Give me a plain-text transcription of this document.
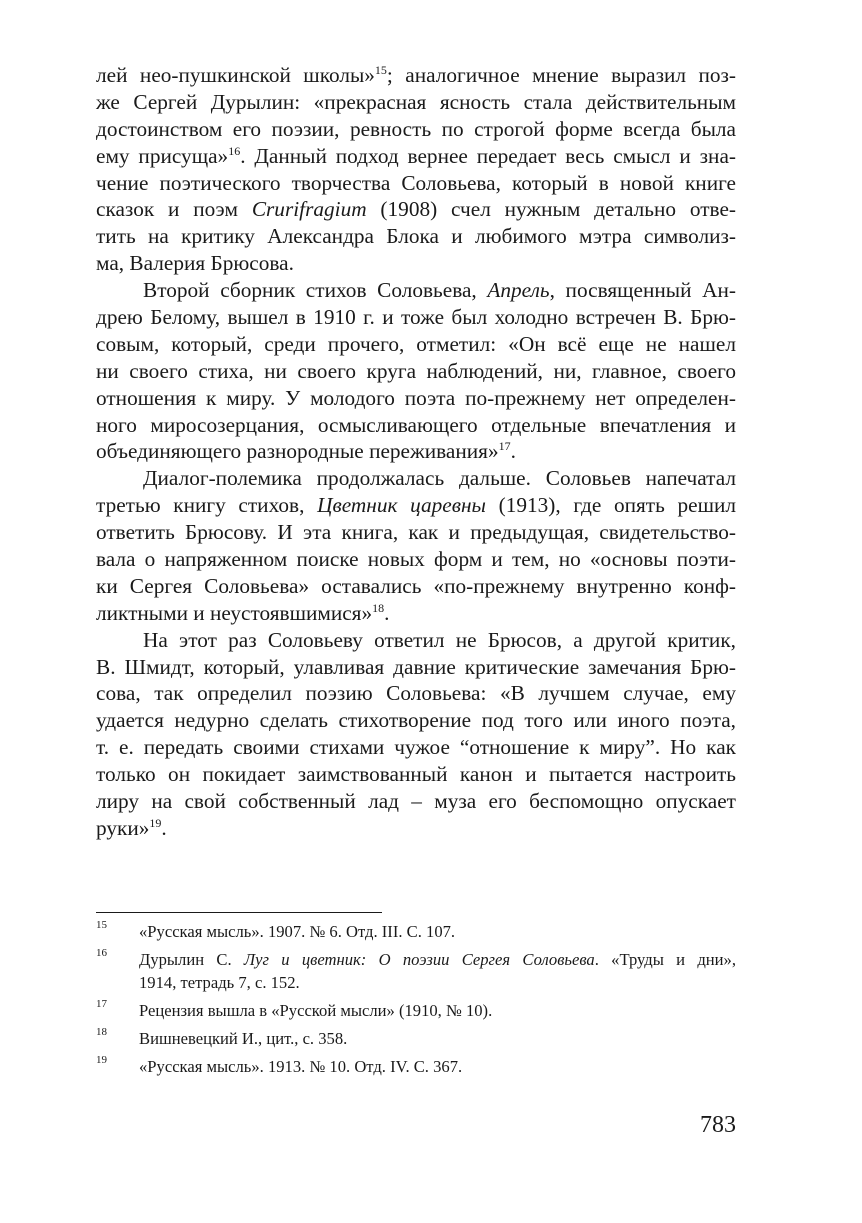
лей нео-пушкинской школы»$^{15}$; аналогичное мнение выразил поз-
же Сергей Дурылин: «прекрасная ясность стала действительным
достоинством его поэзии, ревность по строгой форме всегда была
ему присуща»$^{16}$. Данный подход вернее передает весь смысл и зна-
чение поэтического творчества Соловьева, который в новой книге
сказок и поэм Crurifragium (1908) счел нужным детально отве-
тить на критику Александра Блока и любимого мэтра символиз-
ма, Валерия Брюсова.
Второй сборник стихов Соловьева, Апрель, посвященный Ан-
дрею Белому, вышел в 1910 г. и тоже был холодно встречен В. Брю-
совым, который, среди прочего, отметил: «Он всё еще не нашел
ни своего стиха, ни своего круга наблюдений, ни, главное, своего
отношения к миру. У молодого поэта по-прежнему нет определен-
ного миросозерцания, осмысливающего отдельные впечатления и
объединяющего разнородные переживания»$^{17}$.
Диалог-полемика продолжалась дальше. Соловьев напечатал
третью книгу стихов, Цветник царевны (1913), где опять решил
ответить Брюсову. И эта книга, как и предыдущая, свидетельство-
вала о напряженном поиске новых форм и тем, но «основы поэти-
ки Сергея Соловьева» оставались «по-прежнему внутренно конф-
ликтными и неустоявшимися»$^{18}$.
На этот раз Соловьеву ответил не Брюсов, а другой критик,
В. Шмидт, который, улавливая давние критические замечания Брю-
сова, так определил поэзию Соловьева: «В лучшем случае, ему
удается недурно сделать стихотворение под того или иного поэта,
т. е. передать своими стихами чужое “отношение к миру”. Но как
только он покидает заимствованный канон и пытается настроить
лиру на свой собственный лад – муза его беспомощно опускает
руки»$^{19}$.
15 «Русская мысль». 1907. № 6. Отд. III. С. 107.
16 Дурылин С. Луг и цветник: О поэзии Сергея Соловьева. «Труды и дни»,
1914, тетрадь 7, с. 152.
17 Рецензия вышла в «Русской мысли» (1910, № 10).
18 Вишневецкий И., цит., с. 358.
19 «Русская мысль». 1913. № 10. Отд. IV. С. 367.
783
